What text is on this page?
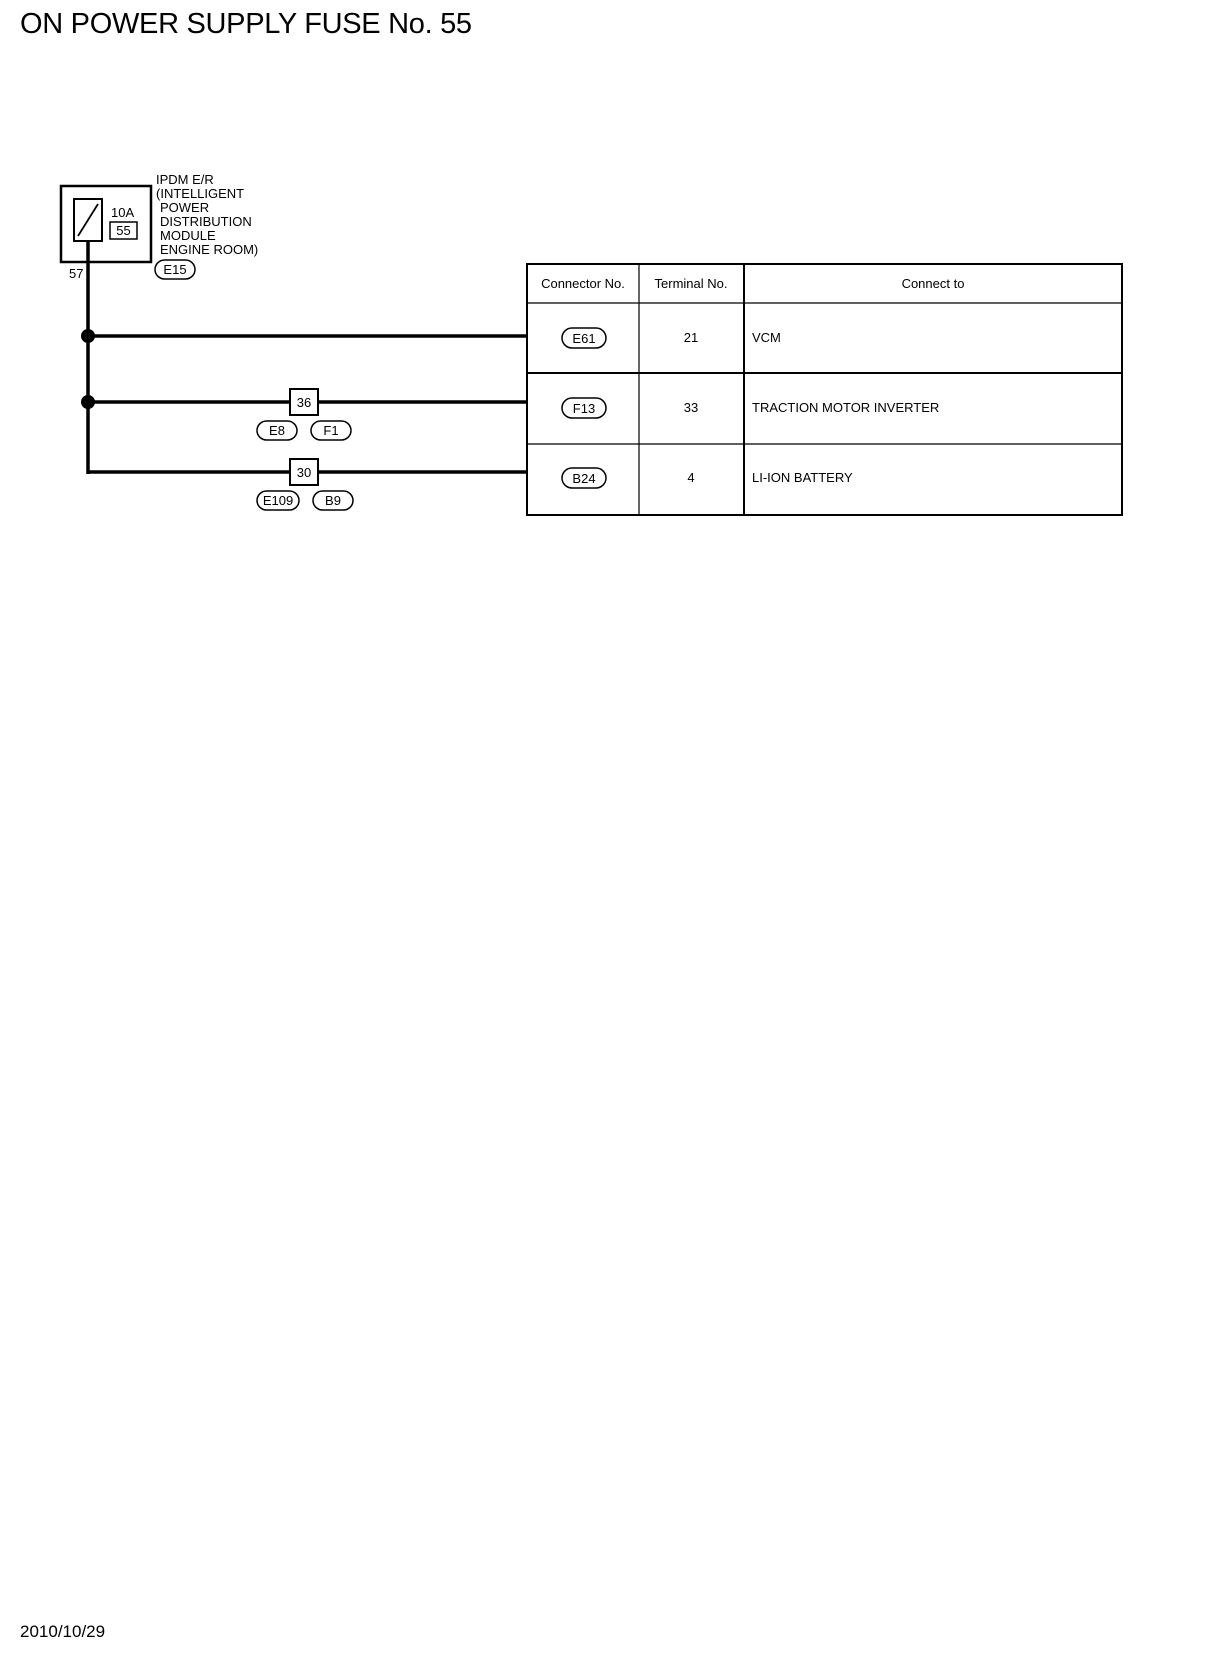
ON POWER SUPPLY FUSE No. 55
10A
55
IPDM E/R (INTELLIGENT POWER DISTRIBUTION MODULE ENGINE ROOM)
57	E15
36
E8	F1
30
E109 B9
Connector No. Terminal No.	Connect to
E61	21	VCM
F13	33	TRACTION MOTOR INVERTER
B24	4	LI-ION BATTERY
2010/10/29
